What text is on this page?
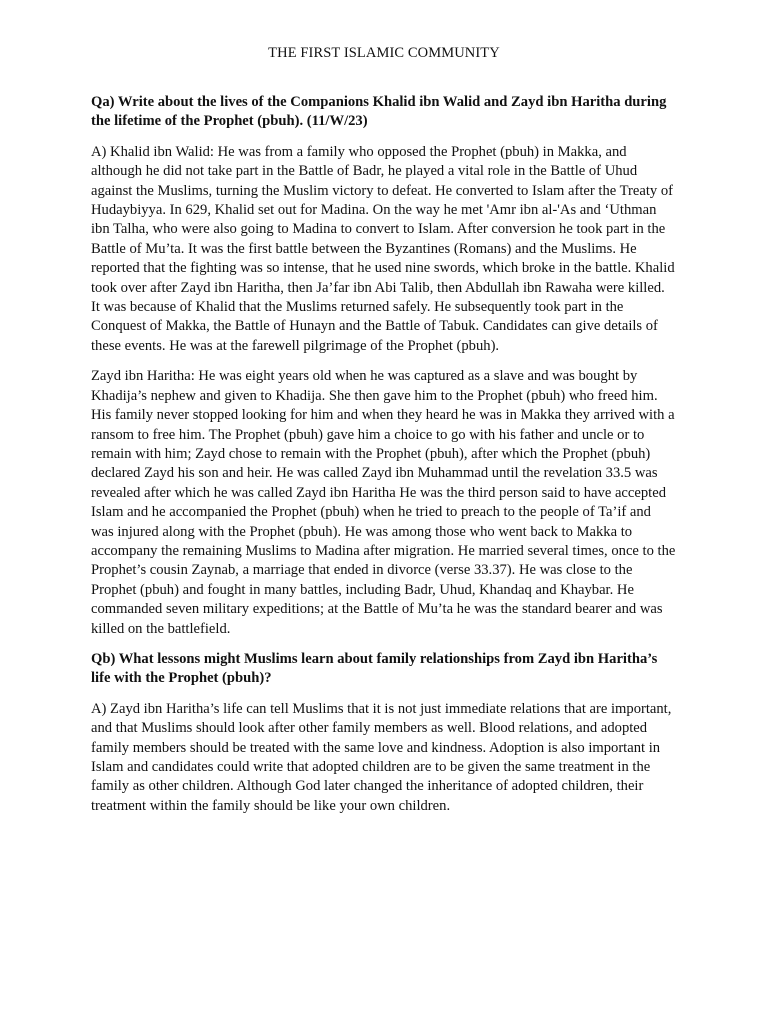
THE FIRST ISLAMIC COMMUNITY

Qa) Write about the lives of the Companions Khalid ibn Walid and Zayd ibn Haritha during the lifetime of the Prophet (pbuh). (11/W/23)

A) Khalid ibn Walid: He was from a family who opposed the Prophet (pbuh) in Makka, and although he did not take part in the Battle of Badr, he played a vital role in the Battle of Uhud against the Muslims, turning the Muslim victory to defeat. He converted to Islam after the Treaty of Hudaybiyya. In 629, Khalid set out for Madina. On the way he met 'Amr ibn al-'As and ‘Uthman ibn Talha, who were also going to Madina to convert to Islam. After conversion he took part in the Battle of Mu’ta. It was the first battle between the Byzantines (Romans) and the Muslims. He reported that the fighting was so intense, that he used nine swords, which broke in the battle. Khalid took over after Zayd ibn Haritha, then Ja’far ibn Abi Talib, then Abdullah ibn Rawaha were killed. It was because of Khalid that the Muslims returned safely. He subsequently took part in the Conquest of Makka, the Battle of Hunayn and the Battle of Tabuk. Candidates can give details of these events. He was at the farewell pilgrimage of the Prophet (pbuh).

Zayd ibn Haritha: He was eight years old when he was captured as a slave and was bought by Khadija’s nephew and given to Khadija. She then gave him to the Prophet (pbuh) who freed him. His family never stopped looking for him and when they heard he was in Makka they arrived with a ransom to free him. The Prophet (pbuh) gave him a choice to go with his father and uncle or to remain with him; Zayd chose to remain with the Prophet (pbuh), after which the Prophet (pbuh) declared Zayd his son and heir. He was called Zayd ibn Muhammad until the revelation 33.5 was revealed after which he was called Zayd ibn Haritha He was the third person said to have accepted Islam and he accompanied the Prophet (pbuh) when he tried to preach to the people of Ta’if and was injured along with the Prophet (pbuh). He was among those who went back to Makka to accompany the remaining Muslims to Madina after migration. He married several times, once to the Prophet’s cousin Zaynab, a marriage that ended in divorce (verse 33.37). He was close to the Prophet (pbuh) and fought in many battles, including Badr, Uhud, Khandaq and Khaybar. He commanded seven military expeditions; at the Battle of Mu’ta he was the standard bearer and was killed on the battlefield.

Qb) What lessons might Muslims learn about family relationships from Zayd ibn Haritha’s life with the Prophet (pbuh)?

A) Zayd ibn Haritha’s life can tell Muslims that it is not just immediate relations that are important, and that Muslims should look after other family members as well. Blood relations, and adopted family members should be treated with the same love and kindness. Adoption is also important in Islam and candidates could write that adopted children are to be given the same treatment in the family as other children. Although God later changed the inheritance of adopted children, their treatment within the family should be like your own children.
